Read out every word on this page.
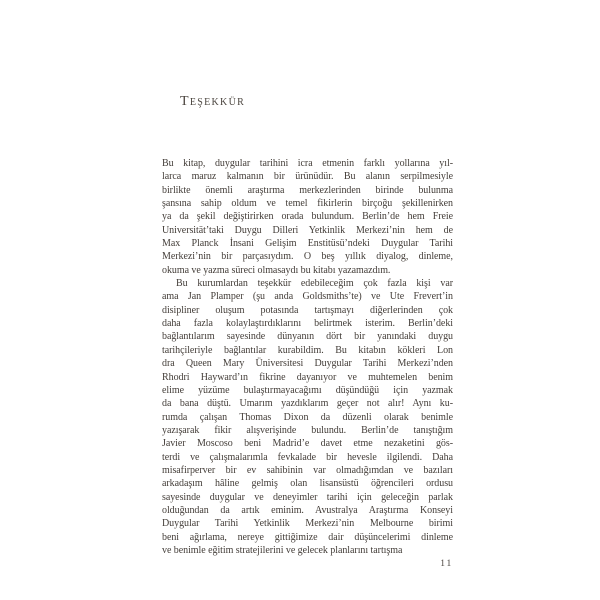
Teşekkür
Bu kitap, duygular tarihini icra etmenin farklı yollarına yıl-
larca maruz kalmanın bir ürünüdür. Bu alanın serpilmesiyle
birlikte önemli araştırma merkezlerinden birinde bulunma
şansına sahip oldum ve temel fikirlerin birçoğu şekillenirken
ya da şekil değiştirirken orada bulundum. Berlin’de hem Freie
Universität’taki Duygu Dilleri Yetkinlik Merkezi’nin hem de
Max Planck İnsani Gelişim Enstitüsü’ndeki Duygular Tarihi
Merkezi’nin bir parçasıydım. O beş yıllık diyalog, dinleme,
okuma ve yazma süreci olmasaydı bu kitabı yazamazdım.
Bu kurumlardan teşekkür edebileceğim çok fazla kişi var
ama Jan Plamper (şu anda Goldsmiths’te) ve Ute Frevert’in
disipliner oluşum potasında tartışmayı diğerlerinden çok
daha fazla kolaylaştırdıklarını belirtmek isterim. Berlin’deki
bağlantılarım sayesinde dünyanın dört bir yanındaki duygu
tarihçileriyle bağlantılar kurabildim. Bu kitabın kökleri Lon
dra Queen Mary Üniversitesi Duygular Tarihi Merkezi’nden
Rhodri Hayward’ın fikrine dayanıyor ve muhtemelen benim
elime yüzüme bulaştırmayacağımı düşündüğü için yazmak
da bana düştü. Umarım yazdıklarım geçer not alır! Aynı ku-
rumda çalışan Thomas Dixon da düzenli olarak benimle
yazışarak fikir alışverişinde bulundu. Berlin’de tanıştığım
Javier Moscoso beni Madrid’e davet etme nezaketini gös-
terdi ve çalışmalarımla fevkalade bir hevesle ilgilendi. Daha
misafirperver bir ev sahibinin var olmadığımdan ve bazıları
arkadaşım hâline gelmiş olan lisansüstü öğrencileri ordusu
sayesinde duygular ve deneyimler tarihi için geleceğin parlak
olduğundan da artık eminim. Avustralya Araştırma Konseyi
Duygular Tarihi Yetkinlik Merkezi’nin Melbourne birimi
beni ağırlama, nereye gittiğimize dair düşüncelerimi dinleme
ve benimle eğitim stratejilerini ve gelecek planlarını tartışma
11
